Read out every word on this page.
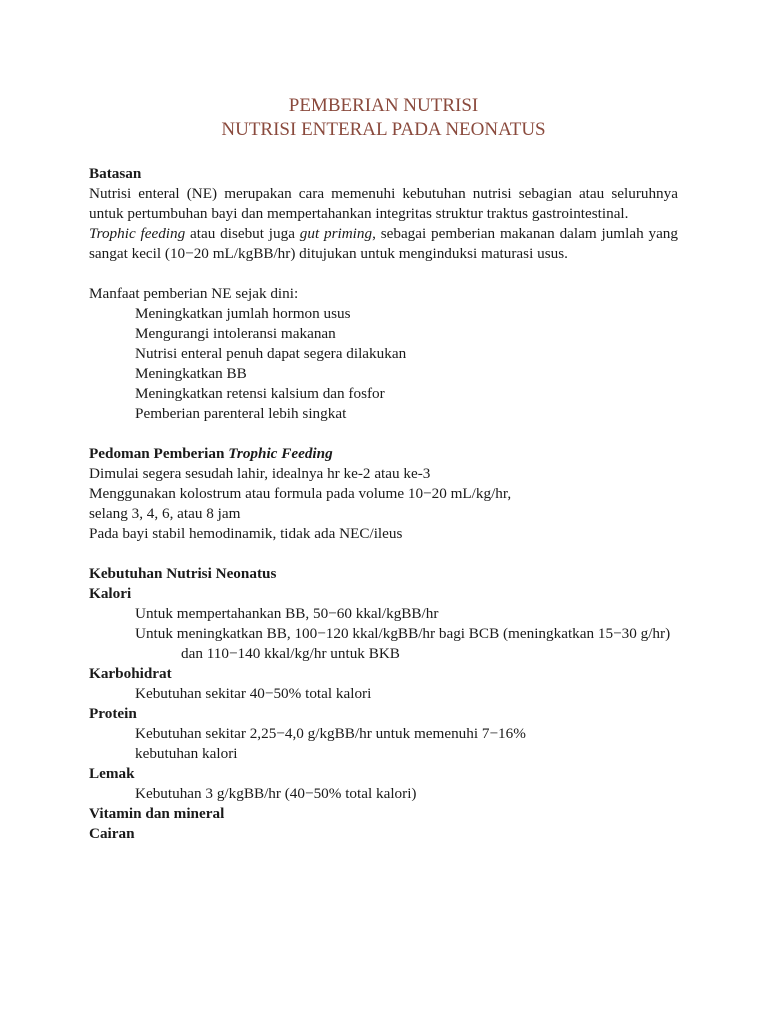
PEMBERIAN NUTRISI
NUTRISI ENTERAL PADA NEONATUS

Batasan

Nutrisi enteral (NE) merupakan cara memenuhi kebutuhan nutrisi sebagian atau seluruhnya untuk pertumbuhan bayi dan mempertahankan integritas struktur traktus gastrointestinal.

Trophic feeding atau disebut juga gut priming, sebagai pemberian makanan dalam jumlah yang sangat kecil (10−20 mL/kgBB/hr) ditujukan untuk menginduksi maturasi usus.

Manfaat pemberian NE sejak dini:

Meningkatkan jumlah hormon usus
Mengurangi intoleransi makanan
Nutrisi enteral penuh dapat segera dilakukan
Meningkatkan BB
Meningkatkan retensi kalsium dan fosfor
Pemberian parenteral lebih singkat

Pedoman Pemberian Trophic Feeding

Dimulai segera sesudah lahir, idealnya hr ke-2 atau ke-3

Menggunakan kolostrum atau formula pada volume 10−20 mL/kg/hr,

selang 3, 4, 6, atau 8 jam

Pada bayi stabil hemodinamik, tidak ada NEC/ileus

Kebutuhan Nutrisi Neonatus

Kalori

Untuk mempertahankan BB, 50−60 kkal/kgBB/hr

Untuk meningkatkan BB, 100−120 kkal/kgBB/hr bagi BCB (meningkatkan 15−30 g/hr) dan 110−140 kkal/kg/hr untuk BKB

Karbohidrat

Kebutuhan sekitar 40−50% total kalori

Protein

Kebutuhan sekitar 2,25−4,0 g/kgBB/hr untuk memenuhi 7−16%

kebutuhan kalori

Lemak

Kebutuhan 3 g/kgBB/hr (40−50% total kalori)

Vitamin dan mineral

Cairan
